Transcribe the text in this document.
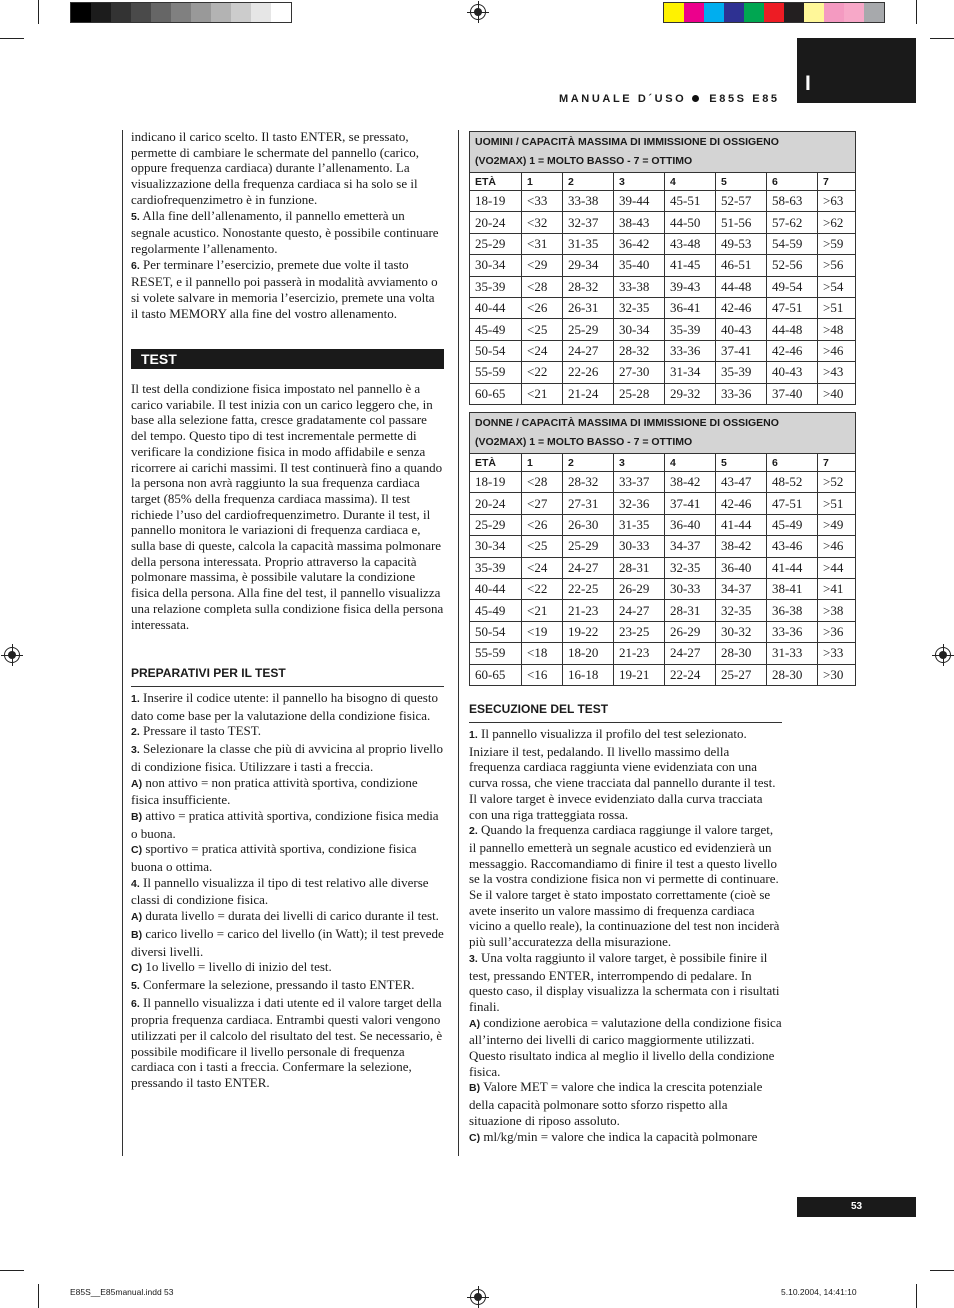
MANUALE D´USO E85S E85
I

indicano il carico scelto. Il tasto ENTER, se pressato, permette di cambiare le schermate del pannello (carico, oppure frequenza cardiaca) durante l’allenamento. La visualizzazione della frequenza cardiaca si ha solo se il cardiofrequenzimetro è in funzione.

5. Alla fine dell’allenamento, il pannello emetterà un segnale acustico. Nonostante questo, è possibile continuare regolarmente l’allenamento.

6. Per terminare l’esercizio, premete due volte il tasto RESET, e il pannello poi passerà in modalità avviamento o si volete salvare in memoria l’esercizio, premete una volta il tasto MEMORY alla fine del vostro allenamento.

TEST

Il test della condizione fisica impostato nel pannello è a carico variabile. Il test inizia con un carico leggero che, in base alla selezione fatta, cresce gradatamente col passare del tempo. Questo tipo di test incrementale permette di verificare la condizione fisica in modo affidabile e senza ricorrere ai carichi massimi. Il test continuerà fino a quando la persona non avrà raggiunto la sua frequenza cardiaca target (85% della frequenza cardiaca massima). Il test richiede l’uso del cardiofrequenzimetro. Durante il test, il pannello monitora le variazioni di frequenza cardiaca e, sulla base di queste, calcola la capacità massima polmonare della persona interessata. Proprio attraverso la capacità polmonare massima, è possibile valutare la condizione fisica della persona. Alla fine del test, il pannello visualizza una relazione completa sulla condizione fisica della persona interessata.

PREPARATIVI PER IL TEST

1. Inserire il codice utente: il pannello ha bisogno di questo dato come base per la valutazione della condizione fisica.

2. Pressare il tasto TEST.

3. Selezionare la classe che più di avvicina al proprio livello di condizione fisica. Utilizzare i tasti a freccia.

A) non attivo = non pratica attività sportiva, condizione fisica insufficiente.

B) attivo = pratica attività sportiva, condizione fisica media o buona.

C) sportivo = pratica attività sportiva, condizione fisica buona o ottima.

4. Il pannello visualizza il tipo di test relativo alle diverse classi di condizione fisica.

A) durata livello = durata dei livelli di carico durante il test.

B) carico livello = carico del livello (in Watt); il test prevede diversi livelli.

C) 1o livello = livello di inizio del test.

5. Confermare la selezione, pressando il tasto ENTER.

6. Il pannello visualizza i dati utente ed il valore target della propria frequenza cardiaca. Entrambi questi valori vengono utilizzati per il calcolo del risultato del test. Se necessario, è possibile modificare il livello personale di frequenza cardiaca con i tasti a freccia. Confermare la selezione, pressando il tasto ENTER.

UOMINI / CAPACITÀ MASSIMA DI IMMISSIONE DI OSSIGENO
(VO2MAX) 1 = MOLTO BASSO - 7 = OTTIMO							

ETÀ	1	2	3	4	5	6	7
18-19	<33	33-38	39-44	45-51	52-57	58-63	>63
20-24	<32	32-37	38-43	44-50	51-56	57-62	>62
25-29	<31	31-35	36-42	43-48	49-53	54-59	>59
30-34	<29	29-34	35-40	41-45	46-51	52-56	>56
35-39	<28	28-32	33-38	39-43	44-48	49-54	>54
40-44	<26	26-31	32-35	36-41	42-46	47-51	>51
45-49	<25	25-29	30-34	35-39	40-43	44-48	>48
50-54	<24	24-27	28-32	33-36	37-41	42-46	>46
55-59	<22	22-26	27-30	31-34	35-39	40-43	>43
60-65	<21	21-24	25-28	29-32	33-36	37-40	>40
DONNE / CAPACITÀ MASSIMA DI IMMISSIONE DI OSSIGENO
(VO2MAX) 1 = MOLTO BASSO - 7 = OTTIMO							

ETÀ	1	2	3	4	5	6	7
18-19	<28	28-32	33-37	38-42	43-47	48-52	>52
20-24	<27	27-31	32-36	37-41	42-46	47-51	>51
25-29	<26	26-30	31-35	36-40	41-44	45-49	>49
30-34	<25	25-29	30-33	34-37	38-42	43-46	>46
35-39	<24	24-27	28-31	32-35	36-40	41-44	>44
40-44	<22	22-25	26-29	30-33	34-37	38-41	>41
45-49	<21	21-23	24-27	28-31	32-35	36-38	>38
50-54	<19	19-22	23-25	26-29	30-32	33-36	>36
55-59	<18	18-20	21-23	24-27	28-30	31-33	>33
60-65	<16	16-18	19-21	22-24	25-27	28-30	>30
ESECUZIONE DEL TEST

1. Il pannello visualizza il profilo del test selezionato. Iniziare il test, pedalando. Il livello massimo della frequenza cardiaca raggiunta viene evidenziata con una curva rossa, che viene tracciata dal pannello durante il test. Il valore target è invece evidenziato dalla curva tracciata con una riga tratteggiata rossa.

2. Quando la frequenza cardiaca raggiunge il valore target, il pannello emetterà un segnale acustico ed evidenzierà un messaggio. Raccomandiamo di finire il test a questo livello se la vostra condizione fisica non vi permette di continuare. Se il valore target è stato impostato correttamente (cioè se avete inserito un valore massimo di frequenza cardiaca vicino a quello reale), la continuazione del test non inciderà più sull’accuratezza della misurazione.

3. Una volta raggiunto il valore target, è possibile finire il test, pressando ENTER, interrompendo di pedalare. In questo caso, il display visualizza la schermata con i risultati finali.

A) condizione aerobica = valutazione della condizione fisica all’interno dei livelli di carico maggiormente utilizzati. Questo risultato indica al meglio il livello della condizione fisica.

B) Valore MET = valore che indica la crescita potenziale della capacità polmonare sotto sforzo rispetto alla situazione di riposo assoluto.

C) ml/kg/min = valore che indica la capacità polmonare

53
E85S__E85manual.indd 53	5.10.2004, 14:41:10
